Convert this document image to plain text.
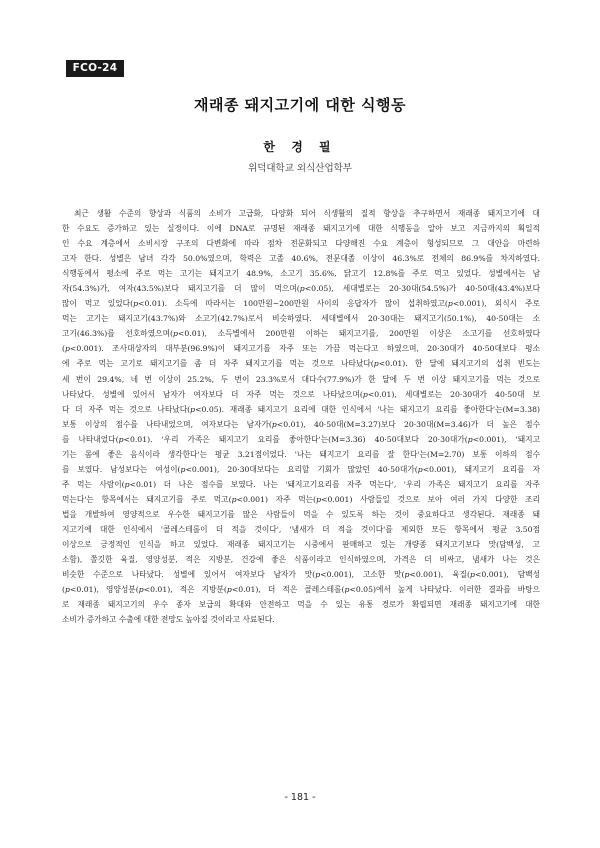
FCO-24
재래종 돼지고기에 대한 식행동
한 경 필
위덕대학교 외식산업학부
최근 생활 수준의 향상과 식품의 소비가 고급화, 다양화 되어 식생활의 질적 향상을 추구하면서 재래종 돼지고기에 대
한 수요도 증가하고 있는 실정이다. 이에 DNA로 규명된 재래종 돼지고기에 대한 식행동을 알아 보고 지금까지의 획일적
인 수요 계층에서 소비시장 구조의 다변화에 따라 점차 전문화되고 다양해진 수요 계층이 형성되므로 그 대안을 마련하
고자 한다. 성별은 남녀 각각 50.0%였으며, 학력은 고졸 40.6%, 전문대졸 이상이 46.3%로 전체의 86.9%를 차지하였다.
식행동에서 평소에 주로 먹는 고기는 돼지고기 48.9%, 소고기 35.6%, 닭고기 12.8%를 주로 먹고 있었다. 성별에서는 남
자(54.3%)가, 여자(43.5%)보다 돼지고기를 더 많이 먹으며(p<0.05), 세대별로는 20·30대(54.5%)가 40·50대(43.4%)보다
많이 먹고 있었다(p<0.01). 소득에 따라서는 100만원~200만원 사이의 응답자가 많이 섭취하였고(p<0.001), 외식시 주로
먹는 고기는 돼지고기(43.7%)와 소고기(42.7%)로서 비슷하였다. 세대별에서 20·30대는 돼지고기(50.1%), 40·50대는 소
고기(46.3%)를 선호하였으며(p<0.01), 소득별에서 200만원 이하는 돼지고기를, 200만원 이상은 소고기를 선호하였다
(p<0.001). 조사대상자의 대부분(96.9%)이 돼지고기를 자주 또는 가끔 먹는다고 하였으며, 20·30대가 40·50대보다 평소
에 주로 먹는 고기로 돼지고기를 좀 더 자주 돼지고기를 먹는 것으로 나타났다(p<0.01). 한 달에 돼지고기의 섭취 빈도는
세 번이 29.4%, 네 번 이상이 25.2%, 두 번이 23.3%로서 대다수(77.9%)가 한 달에 두 번 이상 돼지고기를 먹는 것으로
나타났다. 성별에 있어서 남자가 여자보다 더 자주 먹는 것으로 나타났으며(p<0.01), 세대별로는 20·30대가 40·50대 보
다 더 자주 먹는 것으로 나타났다(p<0.05). 재래종 돼지고기 요리에 대한 인식에서 '나는 돼지고기 요리를 좋아한다'는(M=3.38)
보통 이상의 점수를 나타내었으며, 여자보다는 남자가(p<0.01), 40·50대(M=3.27)보다 20·30대(M=3.46)가 더 높은 점수
를 나타내었다(p<0.01). '우리 가족은 돼지고기 요리를 좋아한다'는(M=3.36) 40·50대보다 20·30대가(p<0.001), '돼지고
기는 몸에 좋은 음식이라 생각한다'는 평균 3.21점이었다. '나는 돼지고기 요리를 잘 한다'는(M=2.70) 보통 이하의 점수
를 보였다. 남성보다는 여성이(p<0.001), 20·30대보다는 요리할 기회가 많았던 40·50대가(p<0.001), 돼지고기 요리를 자
주 먹는 사람이(p<0.01) 더 나은 점수를 보였다. 나는 '돼지고기요리를 자주 먹는다', '우리 가족은 돼지고기 요리를 자주
먹는다'는 항목에서는 돼지고기를 주로 먹고(p<0.001) 자주 먹는(p<0.001) 사람들일 것으로 보아 여러 가지 다양한 조리
법을 개발하여 영양적으로 우수한 돼지고기를 많은 사람들이 먹을 수 있도록 하는 것이 중요하다고 생각된다. 재래종 돼
지고기에 대한 인식에서 '콜레스테롤이 더 적을 것이다', '냄새가 더 적을 것이다'를 제외한 모든 항목에서 평균 3.50점
이상으로 긍정적인 인식을 하고 있었다. 재래종 돼지고기는 시중에서 판매하고 있는 개량종 돼지고기보다 맛(담백성, 고
소함), 쫄깃한 육질, 영양성분, 적은 지방분, 건강에 좋은 식품이라고 인식하였으며, 가격은 더 비싸고, 냄새가 나는 것은
비슷한 수준으로 나타났다. 성별에 있어서 여자보다 남자가 맛(p<0.001), 고소한 맛(p<0.001), 육질(p<0.001), 담백성
(p<0.01), 영양성분(p<0.01), 적은 지방분(p<0.01), 더 적은 콜레스테롤(p<0.05)에서 높게 나타났다. 이러한 결과를 바탕으
로 재래종 돼지고기의 우수 종자 보급의 확대와 안전하고 먹을 수 있는 유통 경로가 확립되면 재래종 돼지고기에 대한
소비가 증가하고 수출에 대한 전망도 높아질 것이라고 사료된다.
- 181 -
